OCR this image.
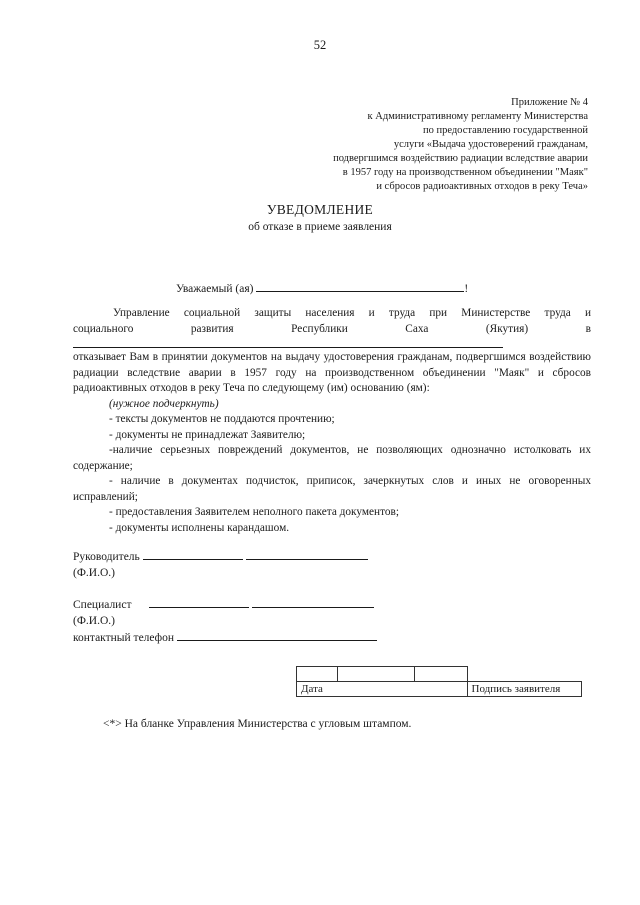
52
Приложение № 4
к Административному регламенту Министерства
по предоставлению государственной
услуги «Выдача удостоверений гражданам,
подвергшимся воздействию радиации вследствие аварии
в 1957 году на производственном объединении "Маяк"
и сбросов радиоактивных отходов в реку Теча»
УВЕДОМЛЕНИЕ
об отказе в приеме заявления
Уважаемый (ая)	!
Управление социальной защиты населения и труда при Министерстве труда и
социального развития Республики Саха (Якутия) в
отказывает Вам в принятии документов на выдачу удостоверения гражданам, подвергшимся воздействию радиации вследствие аварии в 1957 году на производственном объединении "Маяк" и сбросов радиоактивных отходов в реку Теча по следующему (им) основанию (ям):
(нужное подчеркнуть)
- тексты документов не поддаются прочтению;
- документы не принадлежат Заявителю;
-наличие серьезных повреждений документов, не позволяющих однозначно истолковать их содержание;
- наличие в документах подчисток, приписок, зачеркнутых слов и иных не оговоренных исправлений;
- предоставления Заявителем неполного пакета документов;
- документы исполнены карандашом.
Руководитель
(Ф.И.О.)
Специалист
(Ф.И.О.)
контактный телефон

Дата			Подпись заявителя
<*> На бланке Управления Министерства с угловым штампом.
